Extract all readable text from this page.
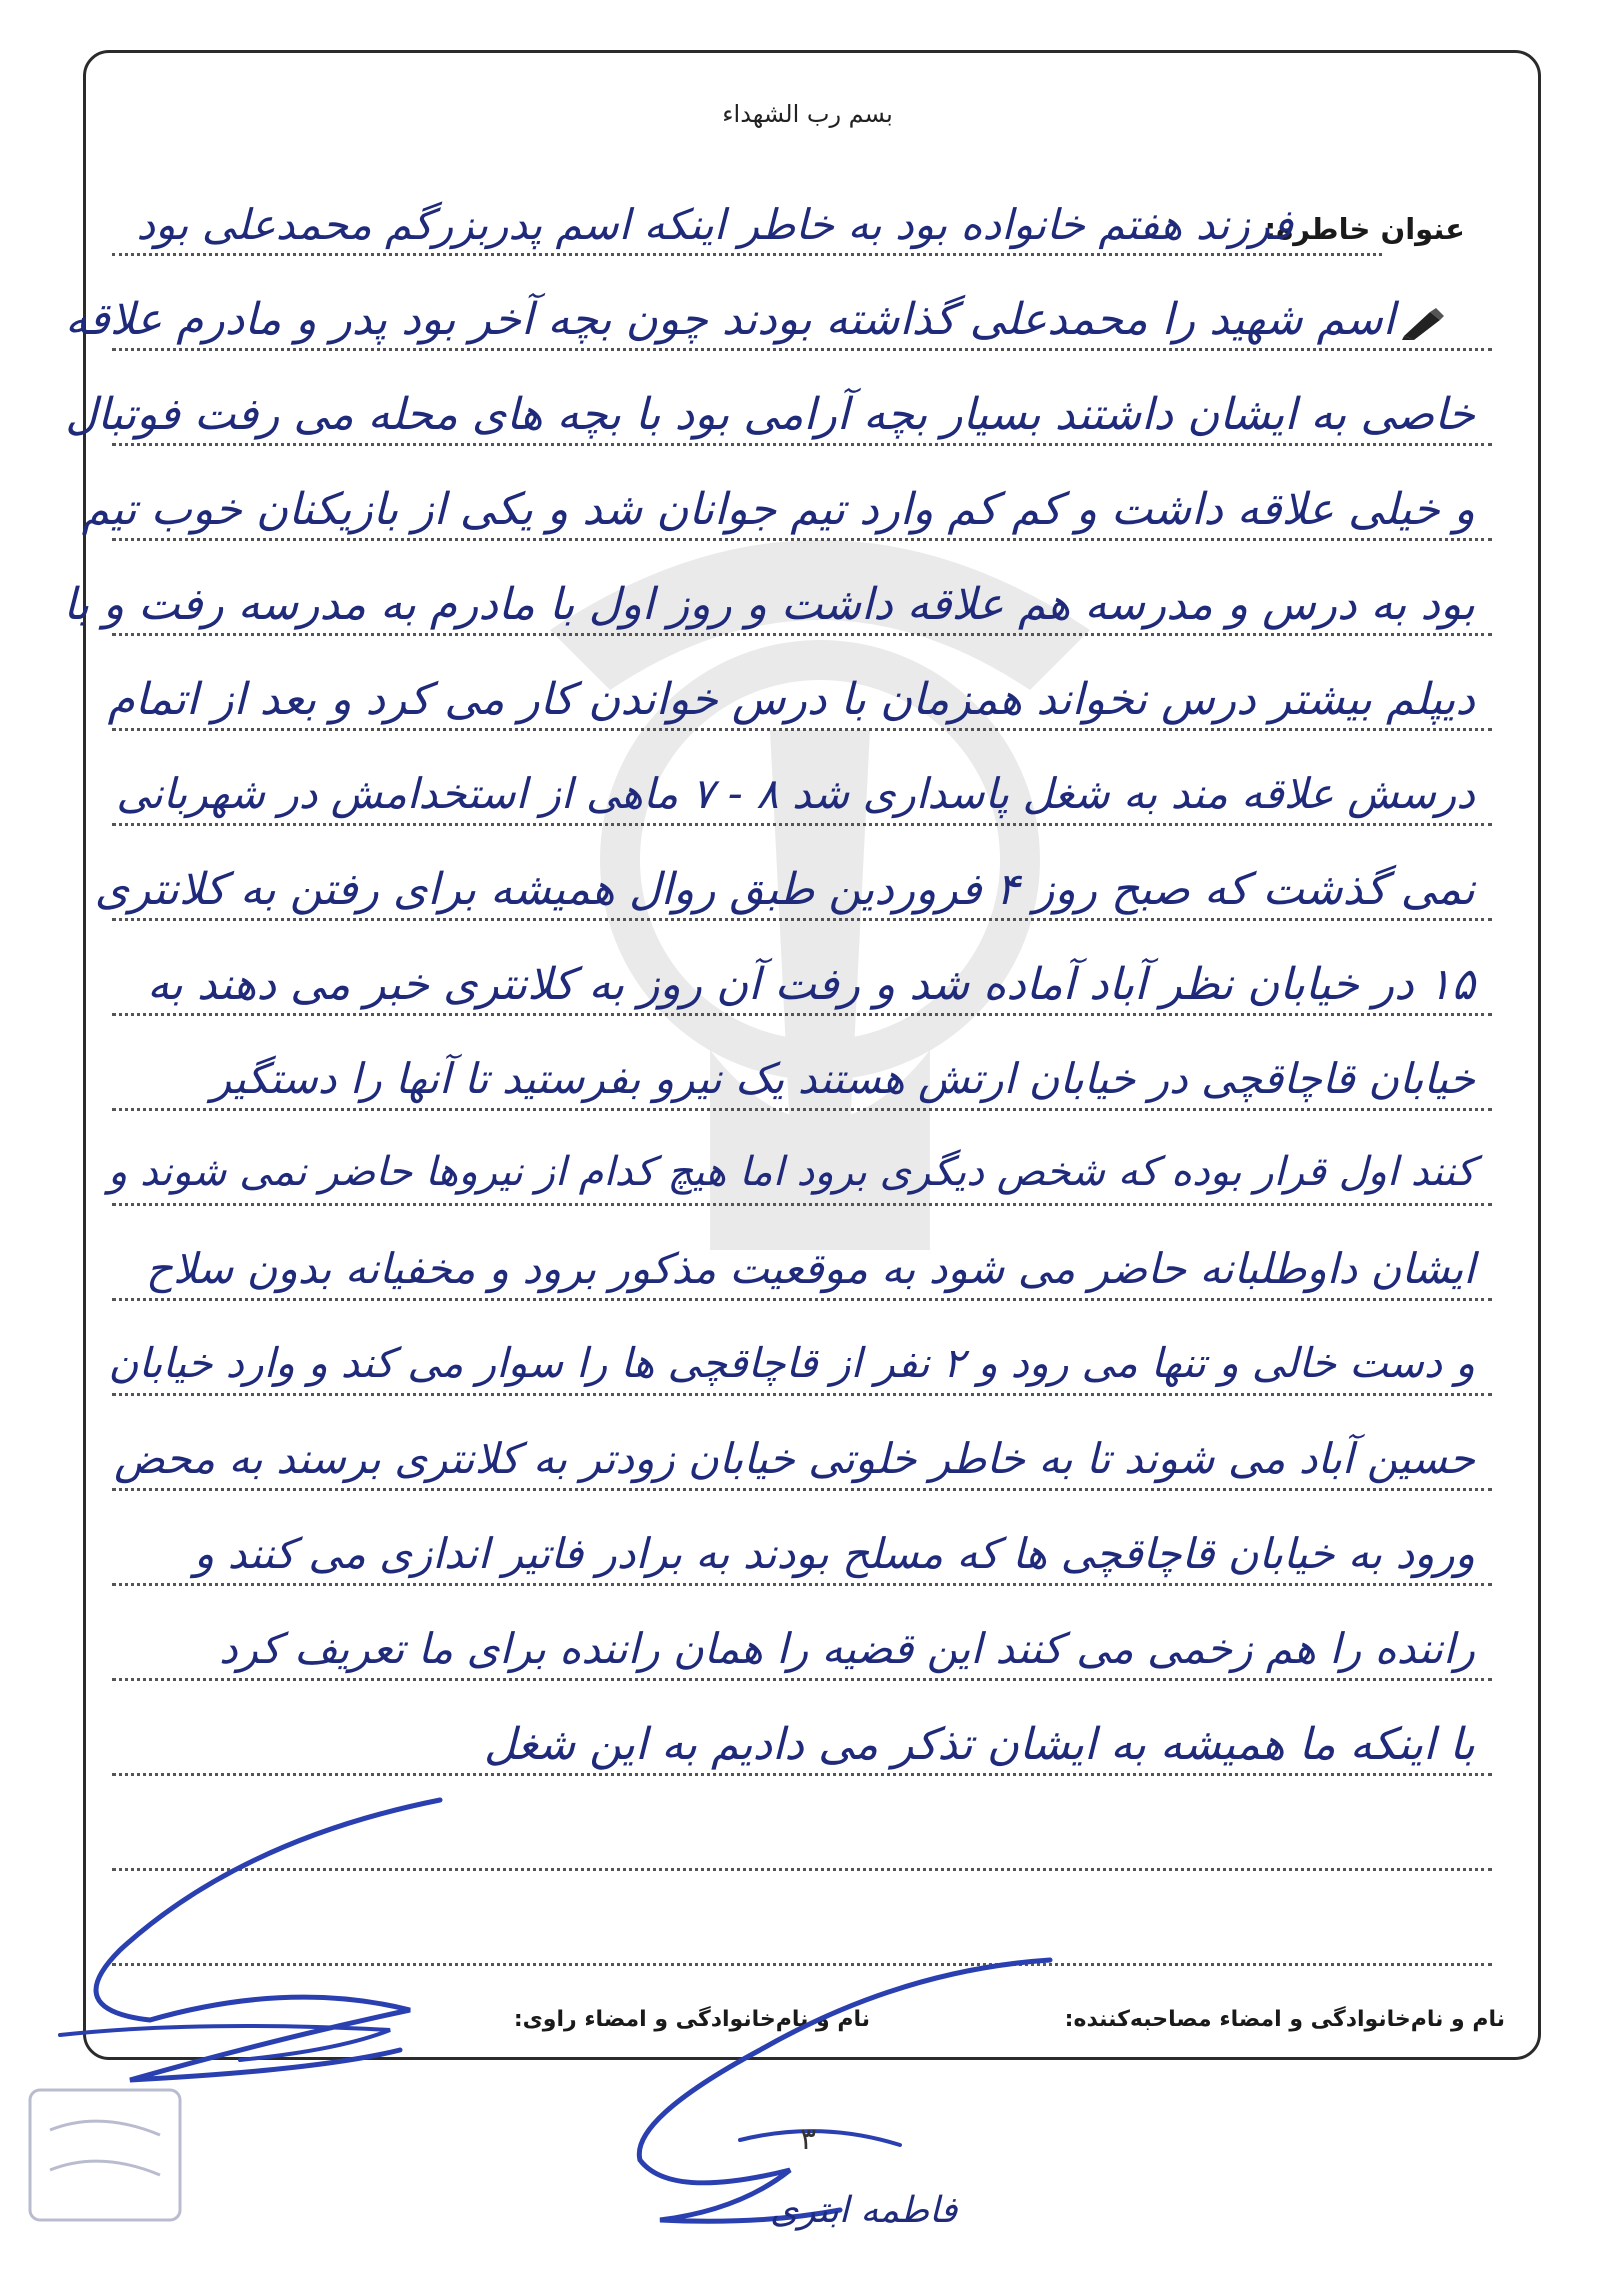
بسم رب الشهداء
عنوان خاطره:
فرزند هفتم خانواده بود به خاطر اینکه اسم پدربزرگم محمدعلی بود
اسم شهید را محمدعلی گذاشته بودند چون بچه آخر بود پدر و مادرم علاقه
خاصی به ایشان داشتند بسیار بچه آرامی بود با بچه های محله می رفت فوتبال
و خیلی علاقه داشت و کم کم وارد تیم جوانان شد و یکی از بازیکنان خوب تیم
بود به درس و مدرسه هم علاقه داشت و روز اول با مادرم به مدرسه رفت و با
دیپلم بیشتر درس نخواند همزمان با درس خواندن کار می کرد و بعد از اتمام
درسش علاقه مند به شغل پاسداری شد ۸ - ۷ ماهی از استخدامش در شهربانی
نمی گذشت که صبح روز ۴ فروردین طبق روال همیشه برای رفتن به کلانتری
۱۵ در خیابان نظر آباد آماده شد و رفت آن روز به کلانتری خبر می دهند به
خیابان قاچاقچی در خیابان ارتش هستند یک نیرو بفرستید تا آنها را دستگیر
کنند اول قرار بوده که شخص دیگری برود اما هیچ کدام از نیروها حاضر نمی شوند و
ایشان داوطلبانه حاضر می شود به موقعیت مذکور برود و مخفیانه بدون سلاح
و دست خالی و تنها می رود و ۲ نفر از قاچاقچی ها را سوار می کند و وارد خیابان
حسین آباد می شوند تا به خاطر خلوتی خیابان زودتر به کلانتری برسند به محض
ورود به خیابان قاچاقچی ها که مسلح بودند به برادر فاتیر اندازی می کنند و
راننده را هم زخمی می کنند این قضیه را همان راننده برای ما تعریف کرد
با اینکه ما همیشه به ایشان تذکر می دادیم به این شغل
نام و نام‌خانوادگی و امضاء مصاحبه‌کننده:
نام و نام‌خانوادگی و امضاء راوی:
۳
فاطمه ابتری
